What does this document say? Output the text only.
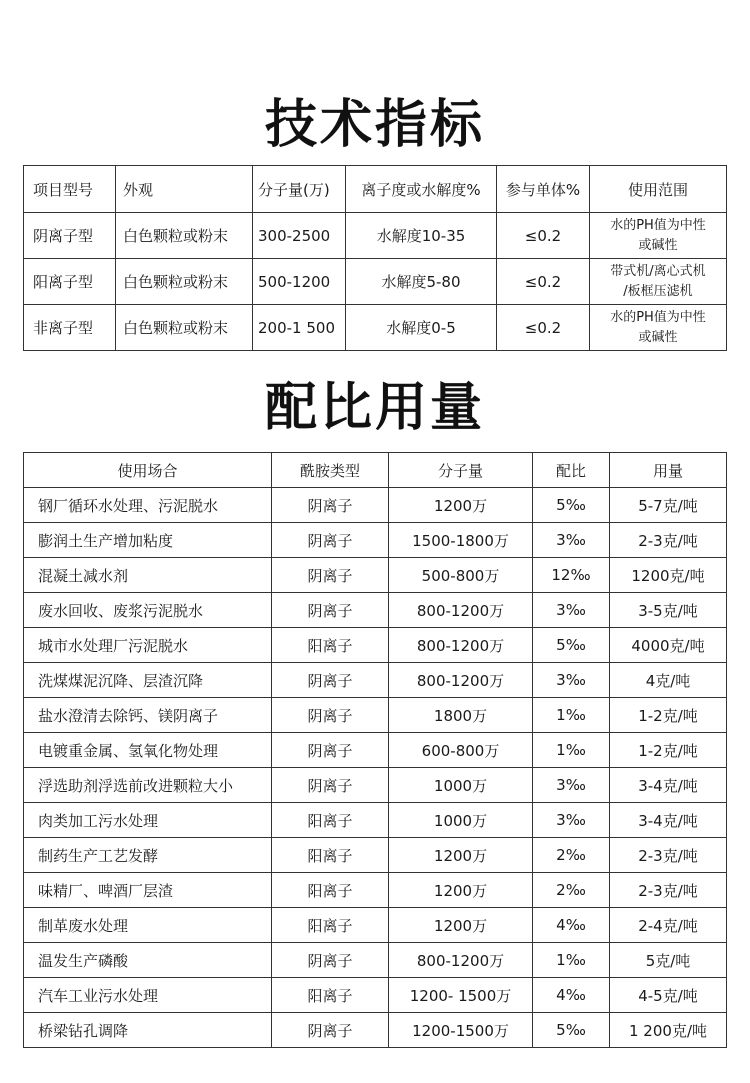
技术指标
项目型号	外观	分子量(万)	离子度或水解度%	参与单体%	使用范围
阴离子型	白色颗粒或粉末	300-2500	水解度10-35	≤0.2	水的PH值为中性
或碱性

阳离子型	白色颗粒或粉末	500-1200	水解度5-80	≤0.2	带式机/离心式机
/板框压滤机

非离子型	白色颗粒或粉末	200-1 500	水解度0-5	≤0.2	水的PH值为中性
或碱性
配比用量
使用场合	酰胺类型	分子量	配比	用量
钢厂循环水处理、污泥脱水	阴离子	1200万	5‰	5-7克/吨
膨润土生产增加粘度	阴离子	1500-1800万	3‰	2-3克/吨
混凝土减水剂	阴离子	500-800万	12‰	1200克/吨
废水回收、废浆污泥脱水	阴离子	800-1200万	3‰	3-5克/吨
城市水处理厂污泥脱水	阳离子	800-1200万	5‰	4000克/吨
洗煤煤泥沉降、层渣沉降	阴离子	800-1200万	3‰	4克/吨
盐水澄清去除钙、镁阴离子	阴离子	1800万	1‰	1-2克/吨
电镀重金属、氢氧化物处理	阴离子	600-800万	1‰	1-2克/吨
浮选助剂浮选前改进颗粒大小	阴离子	1000万	3‰	3-4克/吨
肉类加工污水处理	阳离子	1000万	3‰	3-4克/吨
制药生产工艺发酵	阳离子	1200万	2‰	2-3克/吨
味精厂、啤酒厂层渣	阳离子	1200万	2‰	2-3克/吨
制革废水处理	阳离子	1200万	4‰	2-4克/吨
温发生产磷酸	阴离子	800-1200万	1‰	5克/吨
汽车工业污水处理	阳离子	1200- 1500万	4‰	4-5克/吨
桥梁钻孔调降	阴离子	1200-1500万	5‰	1 200克/吨
